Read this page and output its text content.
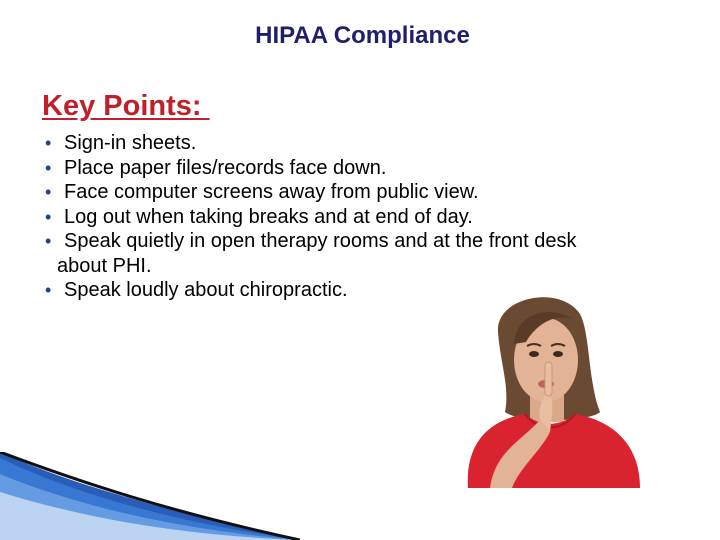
HIPAA Compliance
Key Points:
• Sign-in sheets.
• Place paper files/records face down.
• Face computer screens away from public view.
• Log out when taking breaks and at end of day.
• Speak quietly in open therapy rooms and at the front desk
about PHI.
• Speak loudly about chiropractic.
